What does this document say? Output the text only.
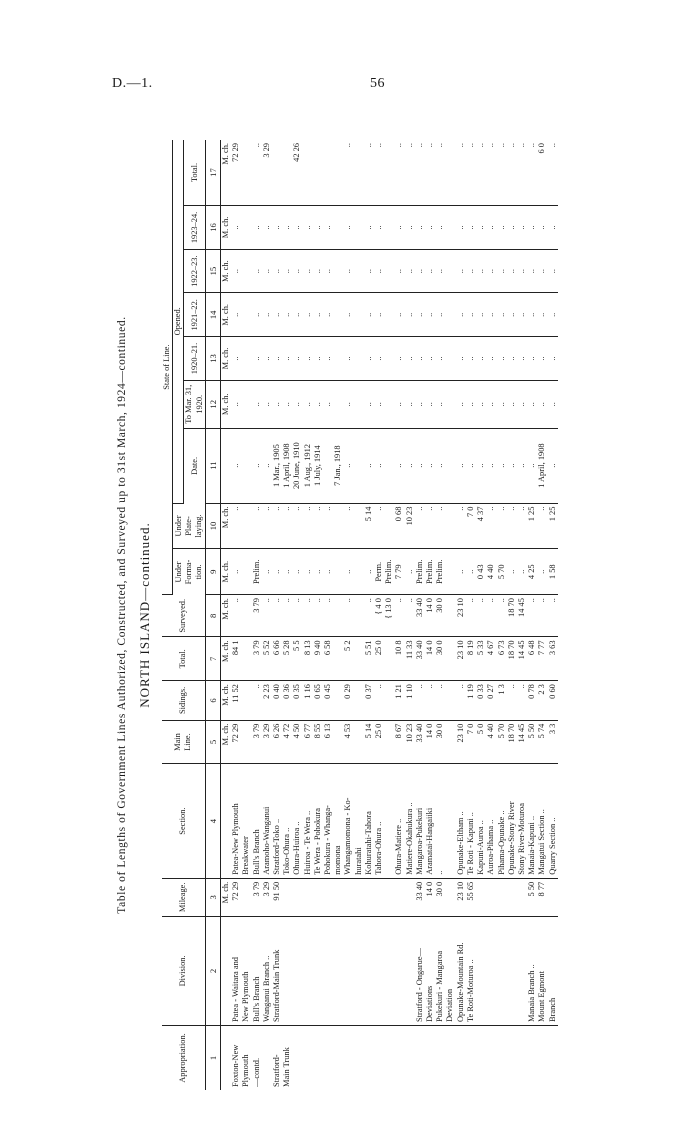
D.—1.	56
Table of Lengths of Government Lines Authorized, Constructed, and Surveyed up to 31st March, 1924—continued. NORTH ISLAND—continued.
Appropriation.	Division.	Mileage.	Section.	Main Line.	Sidings.	Total.	Surveyed.	State of Line.								
								Under Forma-tion.	Under Plate-laying.	Opened.						
										Date.	To Mar. 31, 1920.	1920–21.	1921–22.	1922–23.	1923–24.	Total.
1	2	3	4	5	6	7	8	9	10	11	12	13	14	15	16	17
		M. ch.		M. ch.	M. ch.	M. ch.	M. ch.	M. ch.	M. ch.		M. ch.	M. ch.	M. ch.	M. ch.	M. ch.	M. ch.
Foxton-New	Patea - Waitara and	72 29	Patea-New Plymouth	72 29	11 52	84 1	..	..	..	..	..	..	..	..	..	72 29
Plymouth	New Plymouth		Breakwater													
—contd.	Bull's Branch	3 79	Bull's Branch	3 79	..	3 79	3 79	Prelim.	..	..	..	..	..	..	..	..
	Wanganui Branch ..	3 29	Aramoho-Wanganui	3 29	2 23	5 52	..	..	..	..	..	..	..	..	..	3 29

Stratford-	Stratford-Main Trunk	91 50	Stratford-Toko ..	6 26	0 40	6 66	..	..	..	1 Mar., 1905	..	..	..	..	..	
Main Trunk			Toko-Ohura ..	4 72	0 36	5 28	..	..	..	1 April, 1908	..	..	..	..	..	
			Ohura-Huiroa ..	4 50	0 35	5 5	..	..	..	20 June, 1910	..	..	..	..	..	42 26
			Huiroa - Te Wera ..	6 77	1 16	8 13	..	..	..	1 Aug., 1912	..	..	..	..	..	
			Te Wera - Pohokura	8 55	0 65	9 40	..	..	..	1 July, 1914	..	..	..	..	..	
			Pohokura - Whanga-	6 13	0 45	6 58	..	..	..		..	..	..	..	..	
			momona							7 Jan., 1918						
			Whangamomona - Ko-	4 53	0 29	5 2	..	..	..	..	..	..	..	..	..	..
			huratahi													
			Kohuratahi-Tahora	5 14	0 37	5 51	..	..	5 14	..	..	..	..	..	..	..
			Tahora-Ohura ..	25 0	..	25 0	{ 4 0	Perm.	..	..	..	..	..	..	..	..
							{ 13 0	Prelim.								
			Ohura-Matiere ..	8 67	1 21	10 8	..	7 79	0 68	..	..	..	..	..	..	..
			Matiere-Okahukura ..	10 23	1 10	11 33	..	..	10 23	..	..	..	..	..	..	..
	Stratford - Ongarue—	33 40	Mangaroa-Pukekuri	33 40	..	33 40	33 40	Prelim.	..	..	..	..	..	..	..	..
	Deviations	14 0	Aramatai-Hangaiiki	14 0	..	14 0	14 0	Prelim.	..	..	..	..	..	..	..	..

	Pukekuri - Mangaroa	30 0	..	30 0	..	30 0	30 0	Prelim.	..	..	..	..	..	..	..	..
	Deviation															
	Opunake-Mountain Rd.	23 10	Opunake-Eltham ..	23 10	..	23 10	23 10	..	..	..	..	..	..	..	..	..

	Te Roti-Moturoa ..	55 65	Te Roti - Kapuni ..	7 0	1 19	8 19	..	..	7 0	..	..	..	..	..	..	..
			Kapuni-Auroa ..	5 0	0 33	5 33	..	0 43	4 37	..	..	..	..	..	..	..
			Auroa-Pihama ..	4 40	0 27	4 67	..	4 40	..	..	..	..	..	..	..	..
			Pihama-Opunake ..	5 70	1 3	6 73	..	5 70	..	..	..	..	..	..	..	..
			Opunake-Stony River	18 70	..	18 70	18 70	..	..	..	..	..	..	..	..	..
			Stony River-Moturoa	14 45	..	14 45	14 45	..	..	..	..	..	..	..	..	..
	Manaia Branch ..	5 50	Manaia-Kapuni ..	5 50	0 78	6 48	..	4 25	1 25	..	..	..	..	..	..	..

	Mount Egmont	8 77	Mangatui Section ..	5 74	2 3	7 77	..	..	..	1 April, 1908	..	..	..	..	..	6 0
	Branch		Quarry Section ..	3 3	0 60	3 63	..	1 58	1 25	..	..	..	..	..	..	..
